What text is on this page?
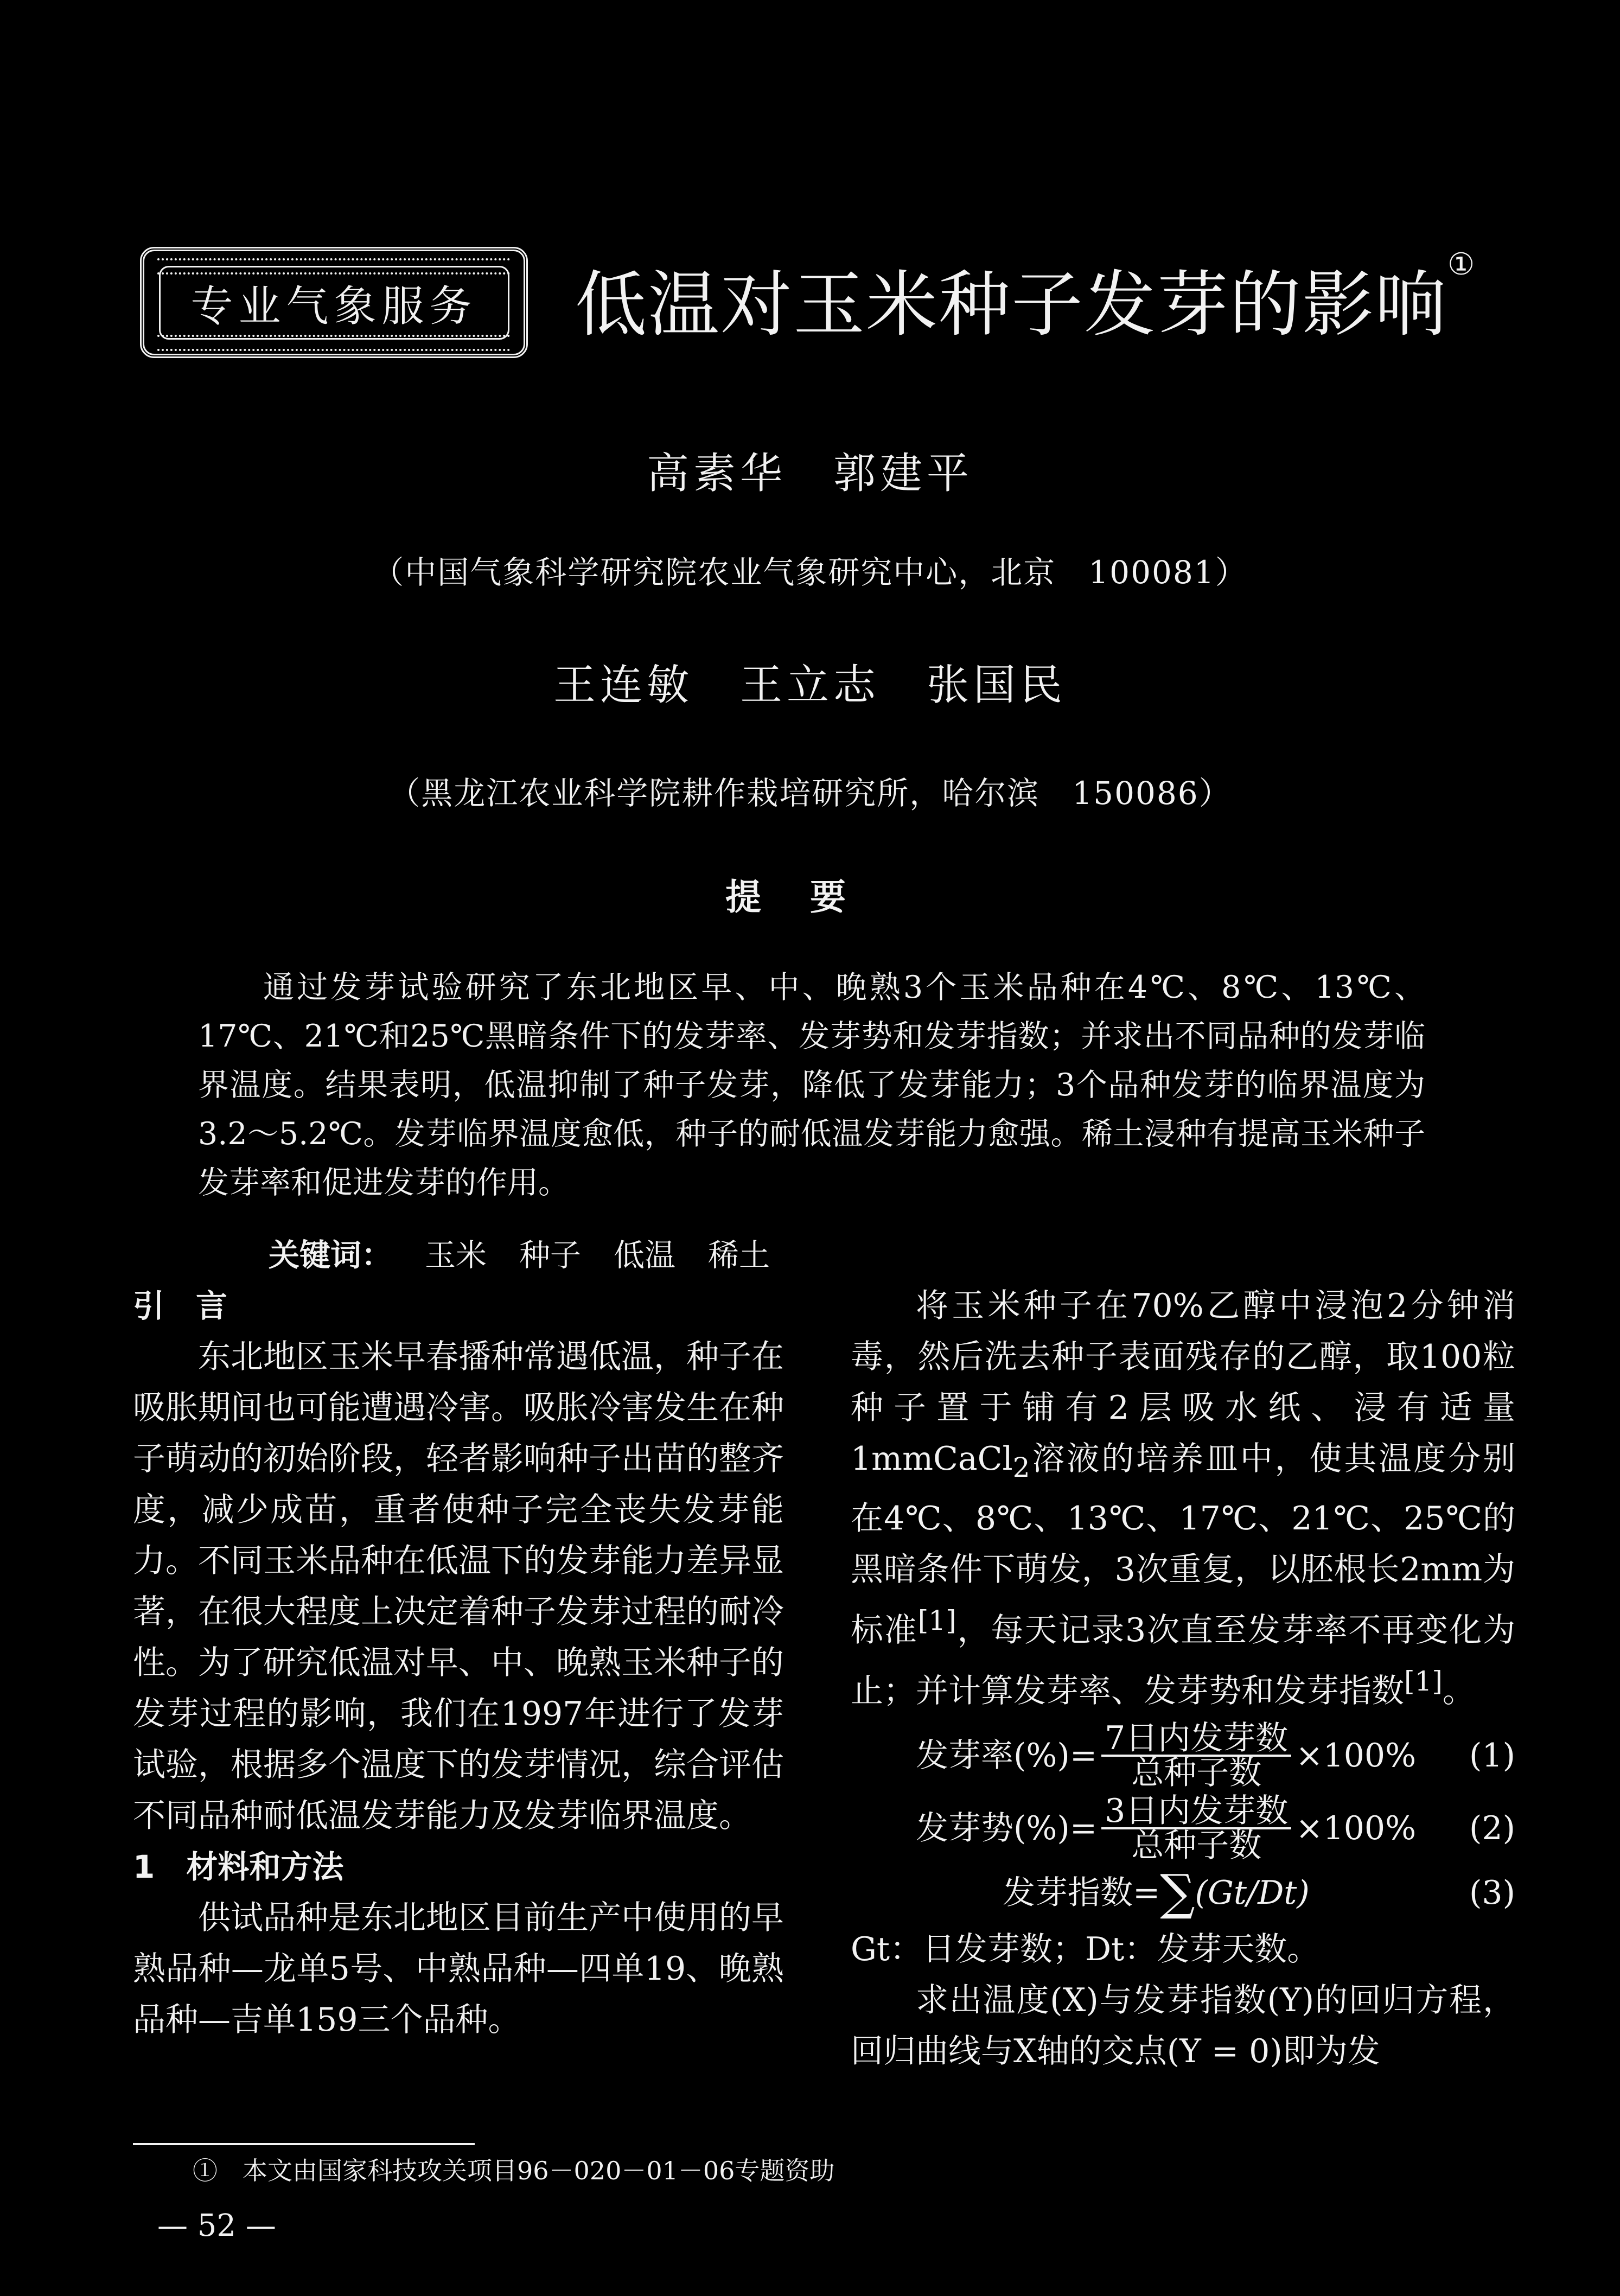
专业气象服务	低温对玉米种子发芽的影响①
高素华　郭建平
（中国气象科学研究院农业气象研究中心，北京　100081）
王连敏　王立志　张国民
（黑龙江农业科学院耕作栽培研究所，哈尔滨　150086）
提要
通过发芽试验研究了东北地区早、中、晚熟3个玉米品种在4℃、8℃、13℃、17℃、21℃和25℃黑暗条件下的发芽率、发芽势和发芽指数；并求出不同品种的发芽临界温度。结果表明，低温抑制了种子发芽，降低了发芽能力；3个品种发芽的临界温度为3.2～5.2℃。发芽临界温度愈低，种子的耐低温发芽能力愈强。稀土浸种有提高玉米种子发芽率和促进发芽的作用。
关键词： 玉米 种子 低温 稀土
引　言

东北地区玉米早春播种常遇低温，种子在吸胀期间也可能遭遇冷害。吸胀冷害发生在种子萌动的初始阶段，轻者影响种子出苗的整齐度，减少成苗，重者使种子完全丧失发芽能力。不同玉米品种在低温下的发芽能力差异显著，在很大程度上决定着种子发芽过程的耐冷性。为了研究低温对早、中、晚熟玉米种子的发芽过程的影响，我们在1997年进行了发芽试验，根据多个温度下的发芽情况，综合评估不同品种耐低温发芽能力及发芽临界温度。

1　材料和方法

供试品种是东北地区目前生产中使用的早熟品种—龙单5号、中熟品种—四单19、晚熟品种—吉单159三个品种。

将玉米种子在70%乙醇中浸泡2分钟消毒，然后洗去种子表面残存的乙醇，取100粒种子置于铺有2层吸水纸、浸有适量1mmCaCl$_2$溶液的培养皿中，使其温度分别在4℃、8℃、13℃、17℃、21℃、25℃的黑暗条件下萌发，3次重复，以胚根长2mm为标准[1]，每天记录3次直至发芽率不再变化为止；并计算发芽率、发芽势和发芽指数[1]。

发芽率(%)= $\frac{\text{7日内发芽数}}{\text{总种子数}} \times 100\%$ (1)
发芽势(%)= $\frac{\text{3日内发芽数}}{\text{总种子数}} \times 100\%$ (2)
发芽指数= ∑ (Gt/Dt)	(3)
Gt：日发芽数；Dt：发芽天数。

求出温度(X)与发芽指数(Y)的回归方程，回归曲线与X轴的交点(Y = 0)即为发

①　本文由国家科技攻关项目96－020－01－06专题资助
— 52 —
